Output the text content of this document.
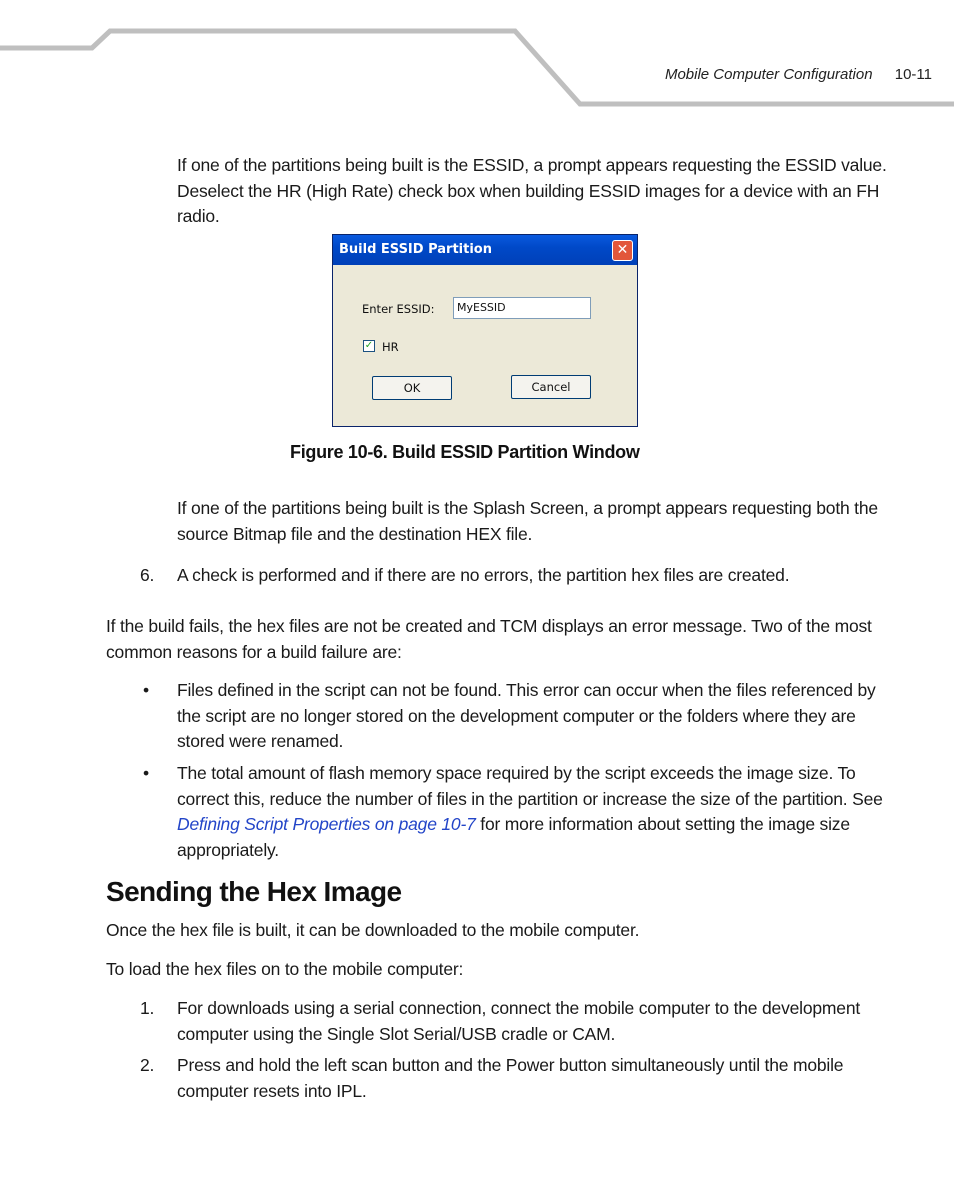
Mobile Computer Configuration 10-11

If one of the partitions being built is the ESSID, a prompt appears requesting the ESSID value. Deselect the HR (High Rate) check box when building ESSID images for a device with an FH radio.

Build ESSID Partition	✕
Enter ESSID:	MyESSID
✓ HR
OK	Cancel

Figure 10-6. Build ESSID Partition Window

If one of the partitions being built is the Splash Screen, a prompt appears requesting both the source Bitmap file and the destination HEX file.

6. A check is performed and if there are no errors, the partition hex files are created.

If the build fails, the hex files are not be created and TCM displays an error message. Two of the most common reasons for a build failure are:

• Files defined in the script can not be found. This error can occur when the files referenced by the script are no longer stored on the development computer or the folders where they are stored were renamed.

• The total amount of flash memory space required by the script exceeds the image size. To correct this, reduce the number of files in the partition or increase the size of the partition. See Defining Script Properties on page 10-7 for more information about setting the image size appropriately.

Sending the Hex Image

Once the hex file is built, it can be downloaded to the mobile computer.

To load the hex files on to the mobile computer:

1. For downloads using a serial connection, connect the mobile computer to the development computer using the Single Slot Serial/USB cradle or CAM.

2. Press and hold the left scan button and the Power button simultaneously until the mobile computer resets into IPL.
